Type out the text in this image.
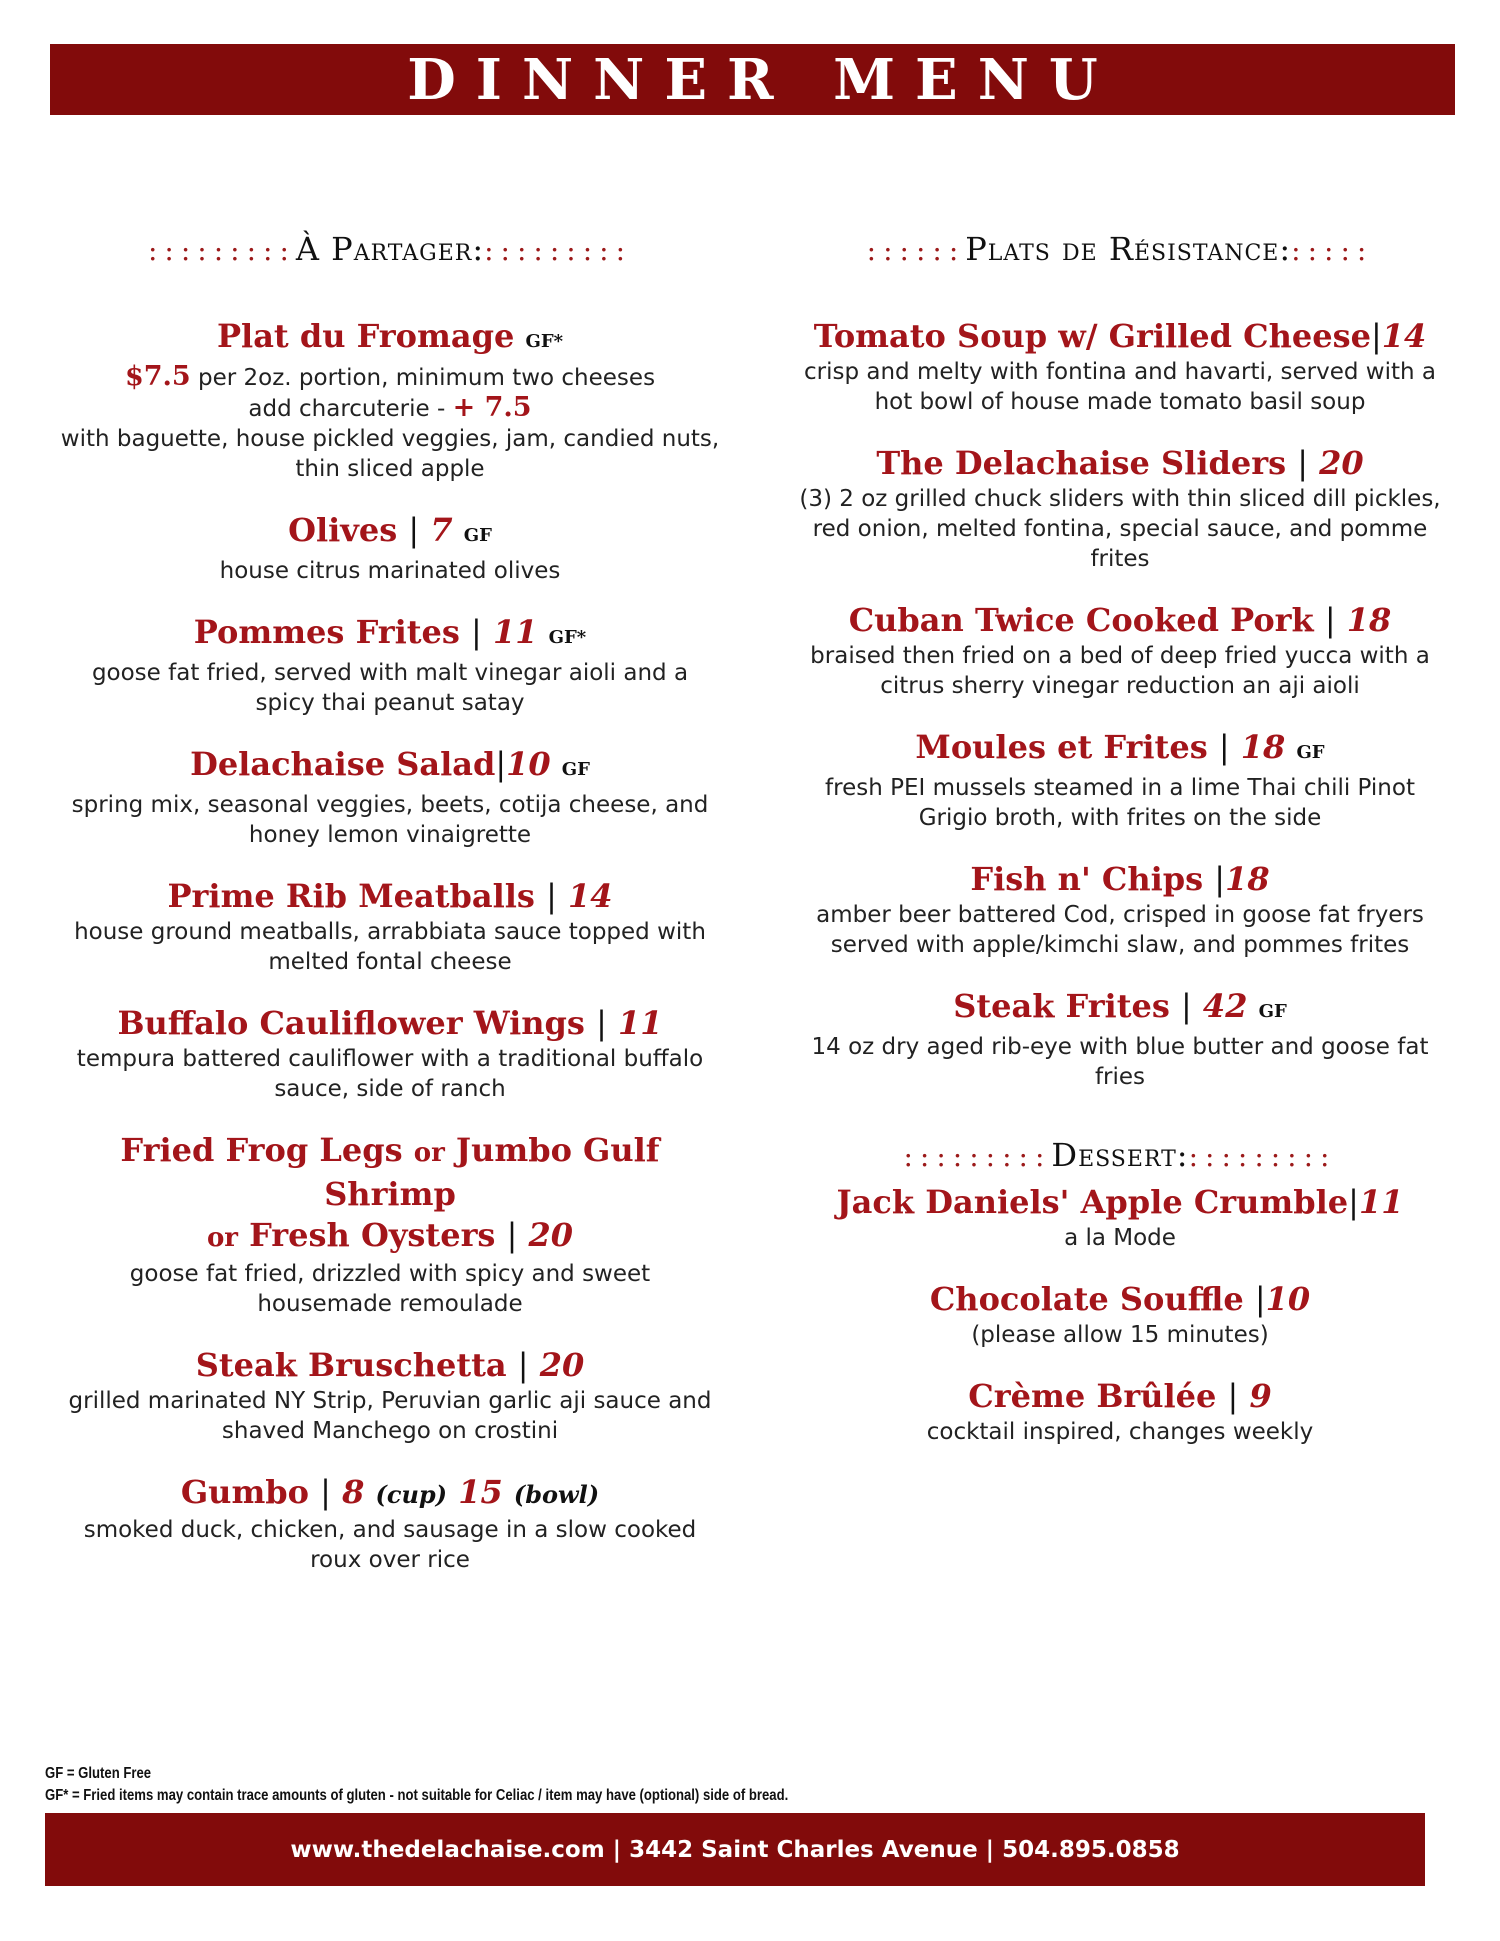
DINNER MENU
:::::::::À Partager::::::::::
Plat du Fromage GF*
$7.5 per 2oz. portion, minimum two cheeses
add charcuterie - + 7.5
with baguette, house pickled veggies, jam, candied nuts, thin sliced apple
Olives | 7 GF
house citrus marinated olives
Pommes Frites | 11 GF*
goose fat fried, served with malt vinegar aioli and a spicy thai peanut satay
Delachaise Salad|10 GF
spring mix, seasonal veggies, beets, cotija cheese, and honey lemon vinaigrette
Prime Rib Meatballs | 14
house ground meatballs, arrabbiata sauce topped with melted fontal cheese
Buffalo Cauliflower Wings | 11
tempura battered cauliflower with a traditional buffalo sauce, side of ranch
Fried Frog Legs or Jumbo Gulf Shrimp
or Fresh Oysters | 20
goose fat fried, drizzled with spicy and sweet housemade remoulade
Steak Bruschetta | 20
grilled marinated NY Strip, Peruvian garlic aji sauce and shaved Manchego on crostini
Gumbo | 8 (cup) 15 (bowl)
smoked duck, chicken, and sausage in a slow cooked roux over rice
::::::Plats de Résistance::::::
Tomato Soup w/ Grilled Cheese|14
crisp and melty with fontina and havarti, served with a hot bowl of house made tomato basil soup
The Delachaise Sliders | 20
(3) 2 oz grilled chuck sliders with thin sliced dill pickles, red onion, melted fontina, special sauce, and pomme frites
Cuban Twice Cooked Pork | 18
braised then fried on a bed of deep fried yucca with a citrus sherry vinegar reduction an aji aioli
Moules et Frites | 18 GF
fresh PEI mussels steamed in a lime Thai chili Pinot Grigio broth, with frites on the side
Fish n' Chips |18
amber beer battered Cod, crisped in goose fat fryers served with apple/kimchi slaw, and pommes frites
Steak Frites | 42 GF
14 oz dry aged rib-eye with blue butter and goose fat fries
:::::::::Dessert::::::::::
Jack Daniels' Apple Crumble|11
a la Mode
Chocolate Souffle |10
(please allow 15 minutes)
Crème Brûlée | 9
cocktail inspired, changes weekly
GF = Gluten Free
GF* = Fried items may contain trace amounts of gluten - not suitable for Celiac / item may have (optional) side of bread.
www.thedelachaise.com | 3442 Saint Charles Avenue | 504.895.0858
